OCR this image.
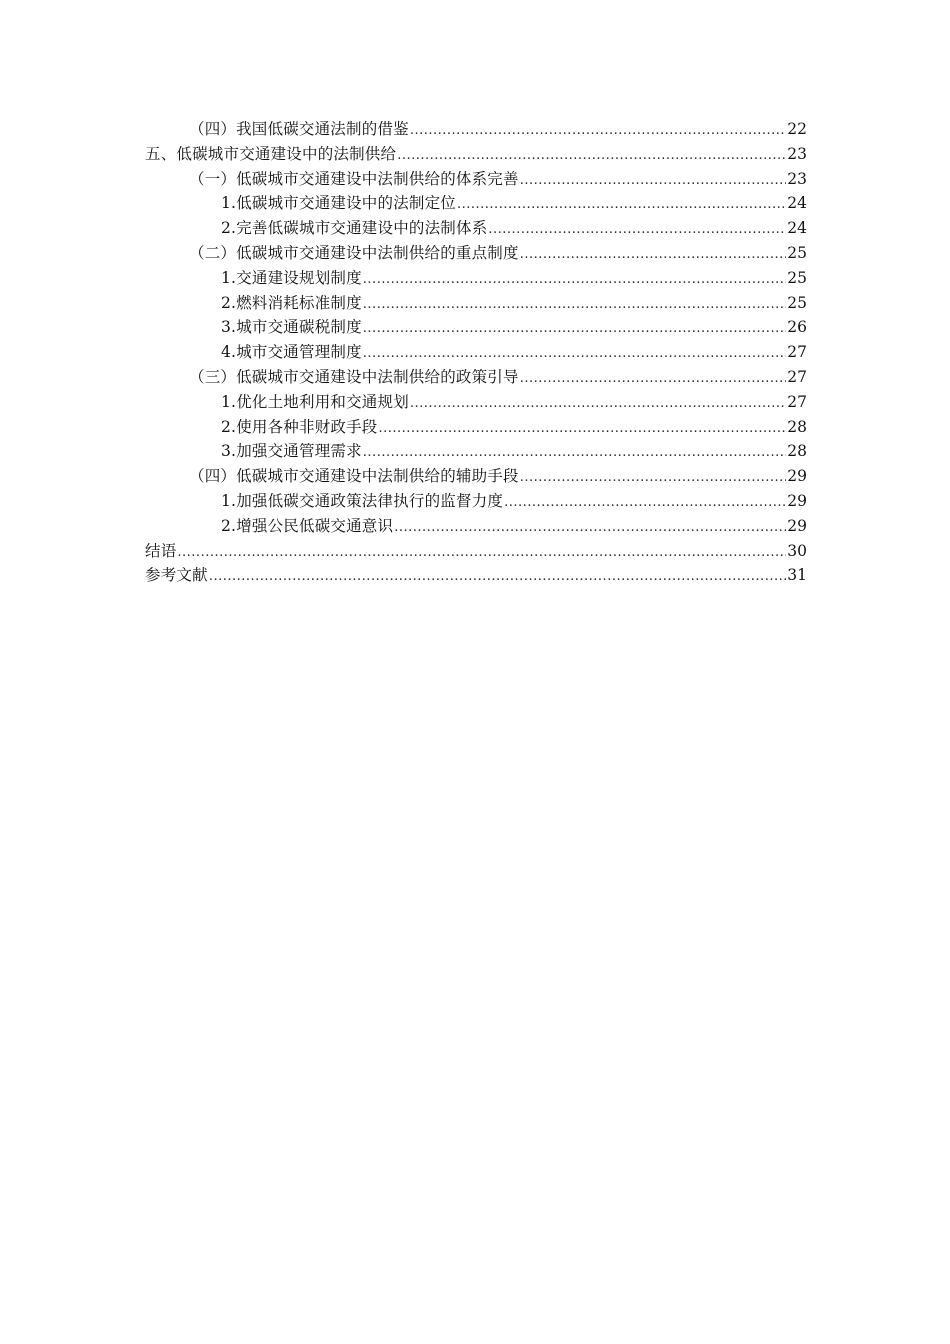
（四）我国低碳交通法制的借鉴 .....	22
五、低碳城市交通建设中的法制供给 .....	23
（一）低碳城市交通建设中法制供给的体系完善 .....	23
1.低碳城市交通建设中的法制定位 .....	24
2.完善低碳城市交通建设中的法制体系 .....	24
（二）低碳城市交通建设中法制供给的重点制度 .....	25
1.交通建设规划制度 .....	25
2.燃料消耗标准制度 .....	25
3.城市交通碳税制度 .....	26
4.城市交通管理制度 .....	27
（三）低碳城市交通建设中法制供给的政策引导 .....	27
1.优化土地利用和交通规划 .....	27
2.使用各种非财政手段 .....	28
3.加强交通管理需求 .....	28
（四）低碳城市交通建设中法制供给的辅助手段 .....	29
1.加强低碳交通政策法律执行的监督力度 .....	29
2.增强公民低碳交通意识 .....	29
结语 .....	30
参考文献 .....	31
